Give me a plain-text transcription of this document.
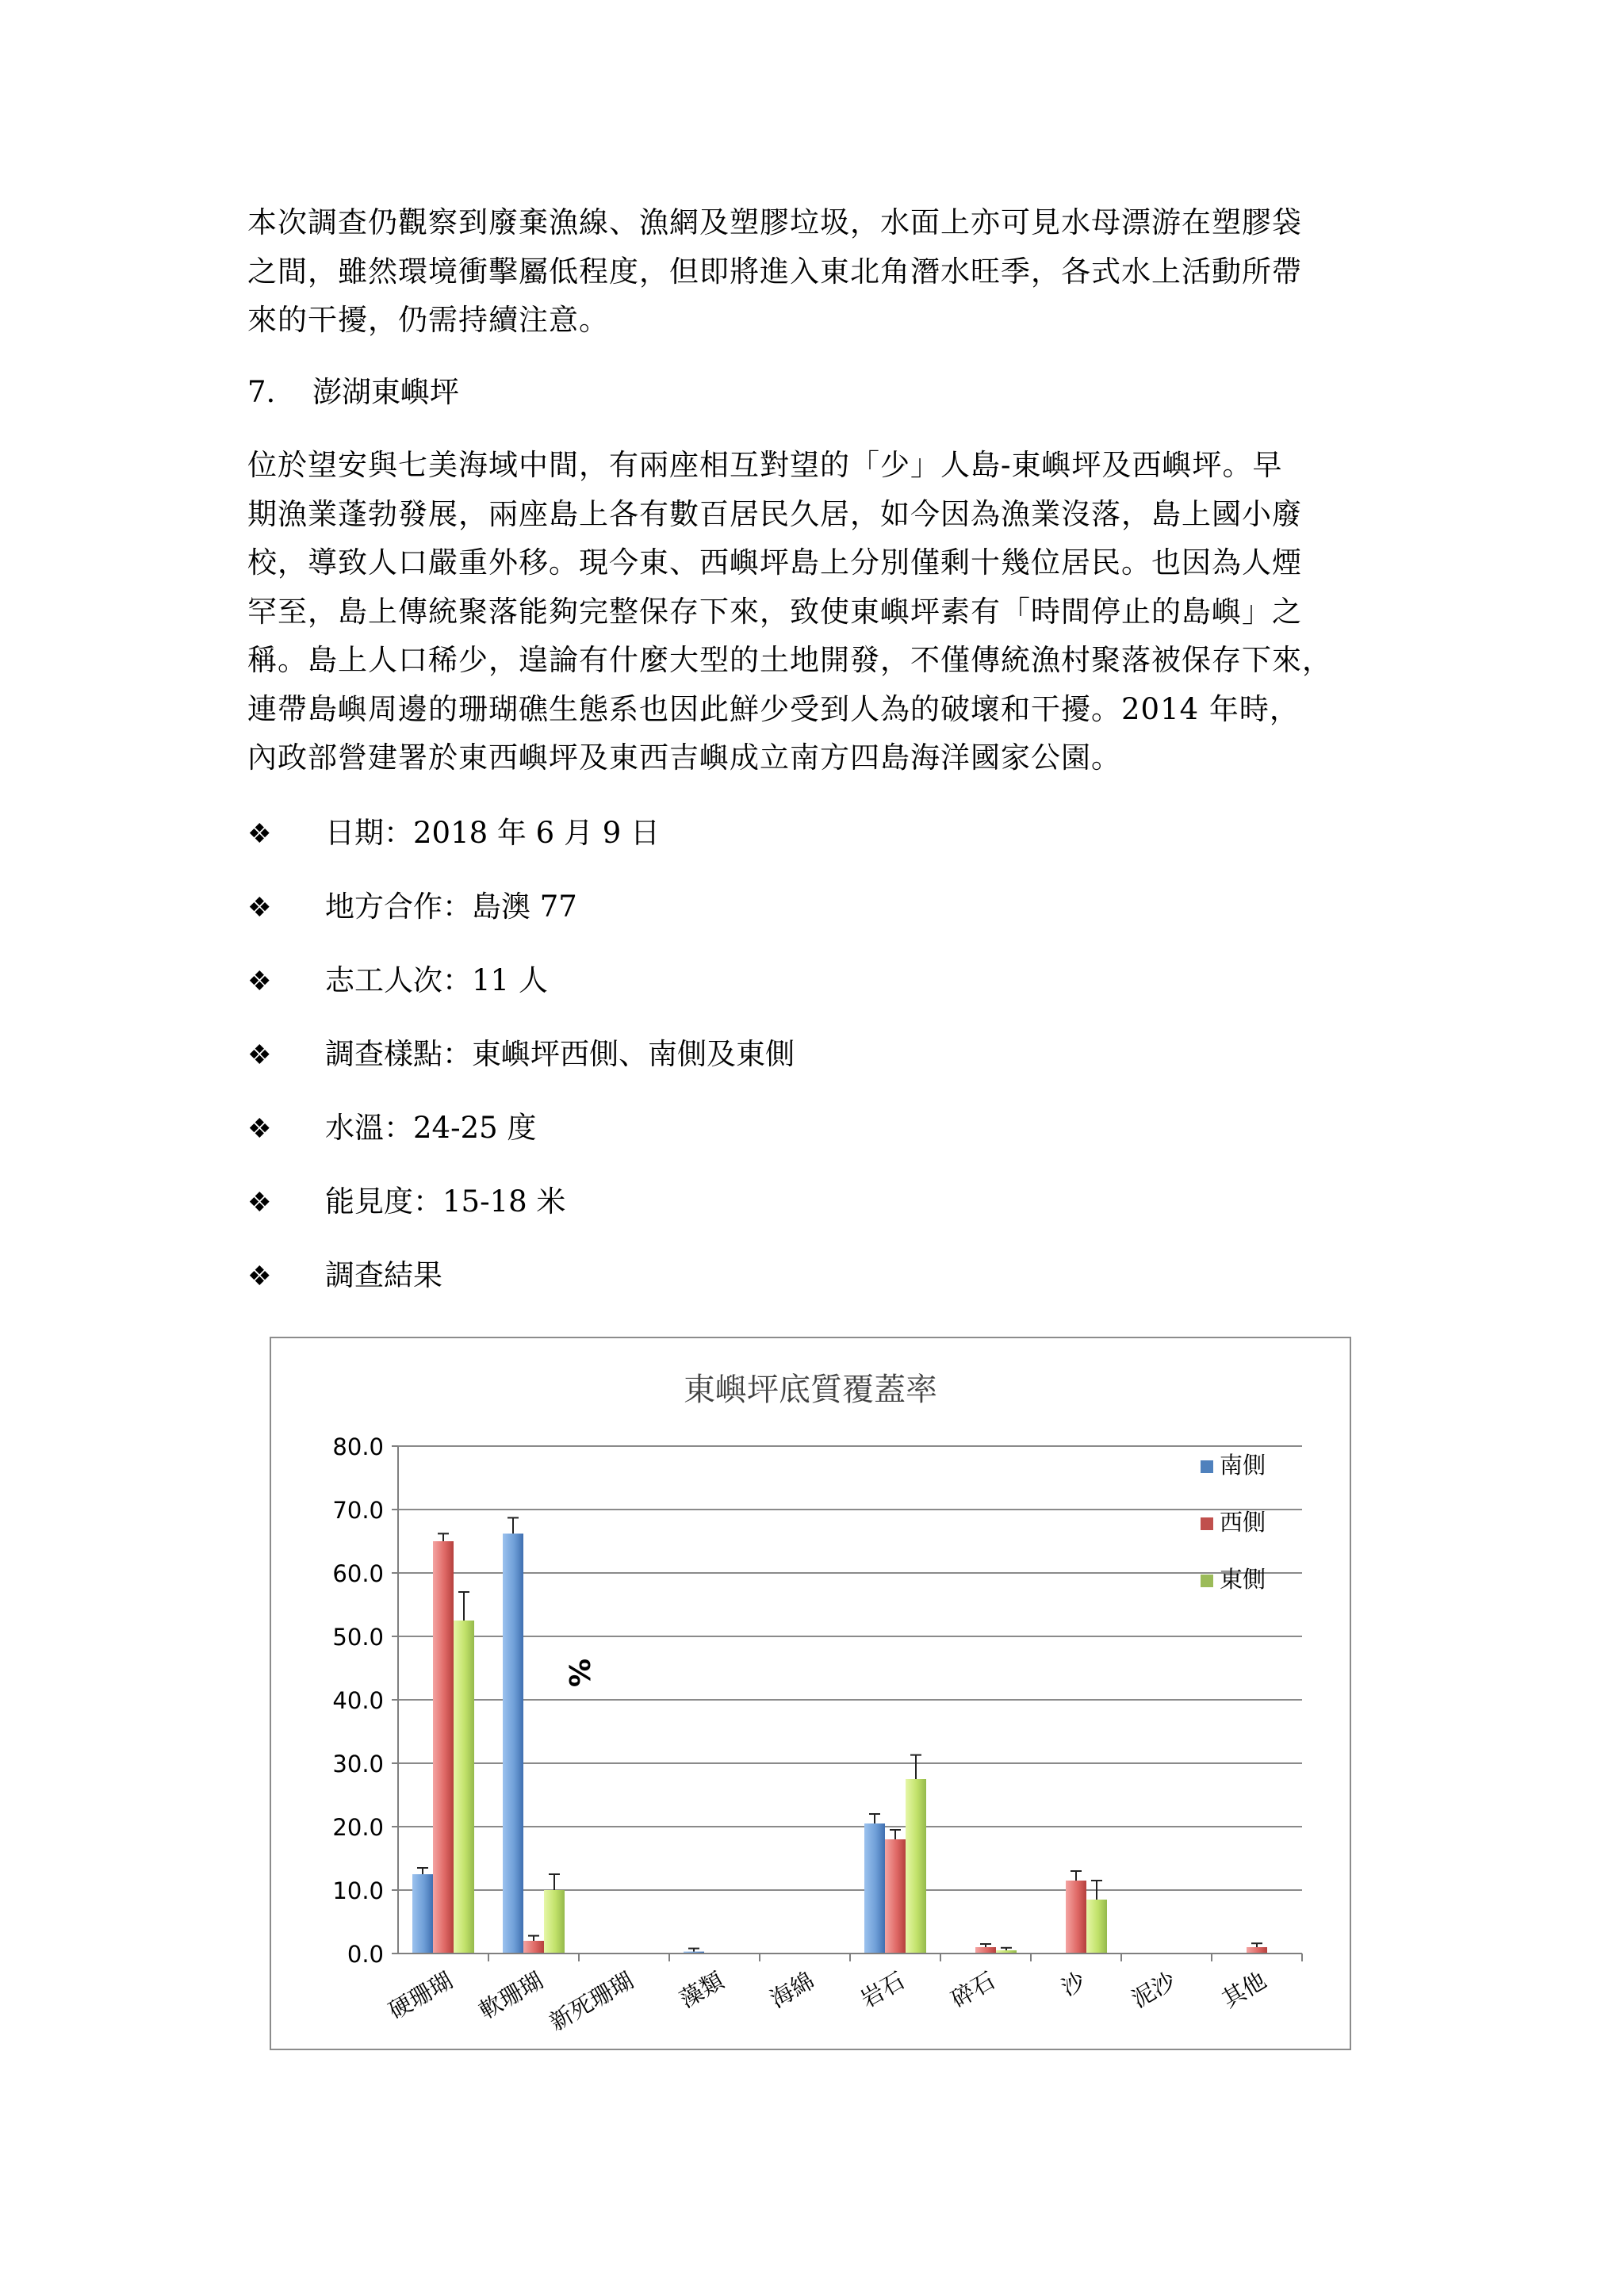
本次調查仍觀察到廢棄漁線、漁網及塑膠垃圾，水面上亦可見水母漂游在塑膠袋
之間，雖然環境衝擊屬低程度，但即將進入東北角潛水旺季，各式水上活動所帶
來的干擾，仍需持續注意。
7. 澎湖東嶼坪
位於望安與七美海域中間，有兩座相互對望的「少」人島-東嶼坪及西嶼坪。早
期漁業蓬勃發展，兩座島上各有數百居民久居，如今因為漁業沒落，島上國小廢
校，導致人口嚴重外移。現今東、西嶼坪島上分別僅剩十幾位居民。也因為人煙
罕至，島上傳統聚落能夠完整保存下來，致使東嶼坪素有「時間停止的島嶼」之
稱。島上人口稀少，遑論有什麼大型的土地開發，不僅傳統漁村聚落被保存下來，
連帶島嶼周邊的珊瑚礁生態系也因此鮮少受到人為的破壞和干擾。2014 年時，
內政部營建署於東西嶼坪及東西吉嶼成立南方四島海洋國家公園。
❖ 日期：2018 年 6 月 9 日
❖ 地方合作：島澳 77
❖ 志工人次：11 人
❖ 調查樣點：東嶼坪西側、南側及東側
❖ 水溫：24-25 度
❖ 能見度：15-18 米
❖ 調查結果
東嶼坪底質覆蓋率
%
0.0
10.0
20.0
30.0
40.0
50.0
60.0
70.0
80.0
硬珊瑚 軟珊瑚
新死珊瑚 藻類 海綿 岩石 碎石 沙 泥沙 其他
南側
西側
東側
